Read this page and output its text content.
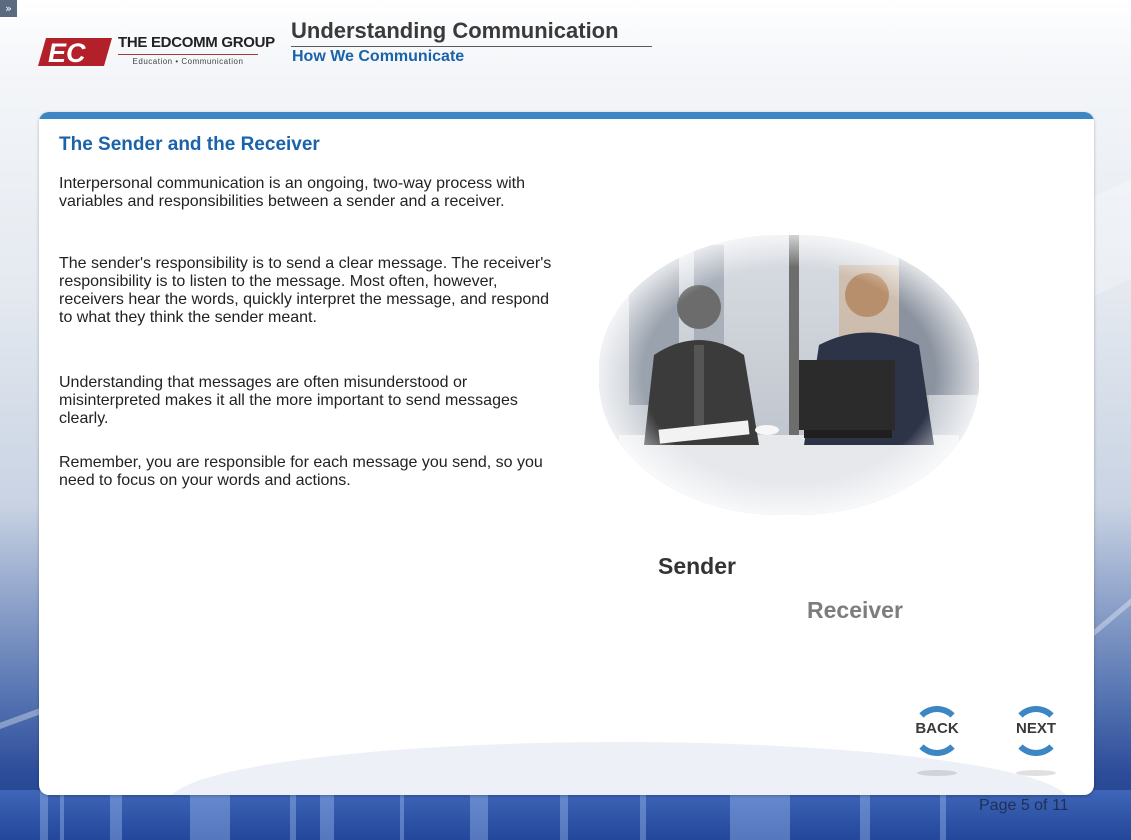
»
EC THE EDCOMM GROUP
Education • Communication
Understanding Communication
How We Communicate
The Sender and the Receiver

Interpersonal communication is an ongoing, two-way process with variables and responsibilities between a sender and a receiver.

The sender's responsibility is to send a clear message. The receiver's responsibility is to listen to the message. Most often, however, receivers hear the words, quickly interpret the message, and respond to what they think the sender meant.

Understanding that messages are often misunderstood or misinterpreted makes it all the more important to send messages clearly.

Remember, you are responsible for each message you send, so you need to focus on your words and actions.

Sender
Receiver
BACK	NEXT
Page 5 of 11
